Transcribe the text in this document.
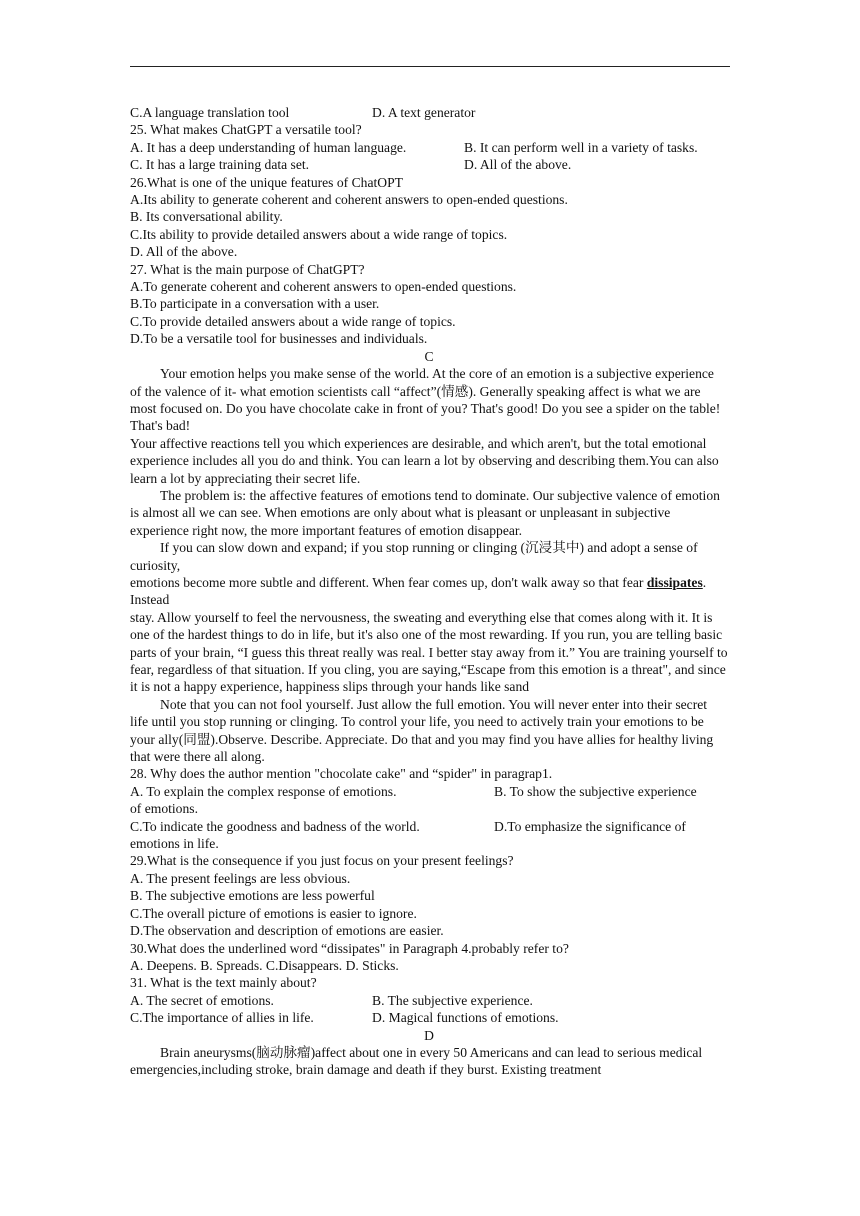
C.A language translation tool	D. A text generator
25. What makes ChatGPT a versatile tool?
A. It has a deep understanding of human language.	B. It can perform well in a variety of tasks.
C. It has a large training data set.	D. All of the above.
26.What is one of the unique features of ChatOPT
A.Its ability to generate coherent and coherent answers to open-ended questions.
B. Its conversational ability.
C.Its ability to provide detailed answers about a wide range of topics.
D. All of the above.
27. What is the main purpose of ChatGPT?
A.To generate coherent and coherent answers to open-ended questions.
B.To participate in a conversation with a user.
C.To provide detailed answers about a wide range of topics.
D.To be a versatile tool for businesses and individuals.
C
Your emotion helps you make sense of the world. At the core of an emotion is a subjective experience of the valence of it- what emotion scientists call “affect”(情感). Generally speaking affect is what we are most focused on. Do you have chocolate cake in front of you? That's good! Do you see a spider on the table! That's bad!
Your affective reactions tell you which experiences are desirable, and which aren't, but the total emotional experience includes all you do and think. You can learn a lot by observing and describing them.You can also learn a lot by appreciating their secret life.
The problem is: the affective features of emotions tend to dominate. Our subjective valence of emotion is almost all we can see. When emotions are only about what is pleasant or unpleasant in subjective experience right now, the more important features of emotion disappear.
If you can slow down and expand; if you stop running or clinging (沉浸其中) and adopt a sense of curiosity,
emotions become more subtle and different. When fear comes up, don't walk away so that fear dissipates. Instead
stay. Allow yourself to feel the nervousness, the sweating and everything else that comes along with it. It is one of the hardest things to do in life, but it's also one of the most rewarding. If you run, you are telling basic parts of your brain, “I guess this threat really was real. I better stay away from it.” You are training yourself to fear, regardless of that situation. If you cling, you are saying,“Escape from this emotion is a threat", and since it is not a happy experience, happiness slips through your hands like sand
Note that you can not fool yourself. Just allow the full emotion. You will never enter into their secret life until you stop running or clinging. To control your life, you need to actively train your emotions to be your ally(同盟).Observe. Describe. Appreciate. Do that and you may find you have allies for healthy living that were there all along.
28. Why does the author mention "chocolate cake" and “spider" in paragrap1.
A. To explain the complex response of emotions.	B. To show the subjective experience
of emotions.
C.To indicate the goodness and badness of the world.	D.To emphasize the significance of
emotions in life.
29.What is the consequence if you just focus on your present feelings?
A. The present feelings are less obvious.
B. The subjective emotions are less powerful
C.The overall picture of emotions is easier to ignore.
D.The observation and description of emotions are easier.
30.What does the underlined word “dissipates" in Paragraph 4.probably refer to?
A. Deepens. B. Spreads. C.Disappears. D. Sticks.
31. What is the text mainly about?
A. The secret of emotions.	B. The subjective experience.
C.The importance of allies in life.	D. Magical functions of emotions.
D
Brain aneurysms(脑动脉瘤)affect about one in every 50 Americans and can lead to serious medical emergencies,including stroke, brain damage and death if they burst. Existing treatment
